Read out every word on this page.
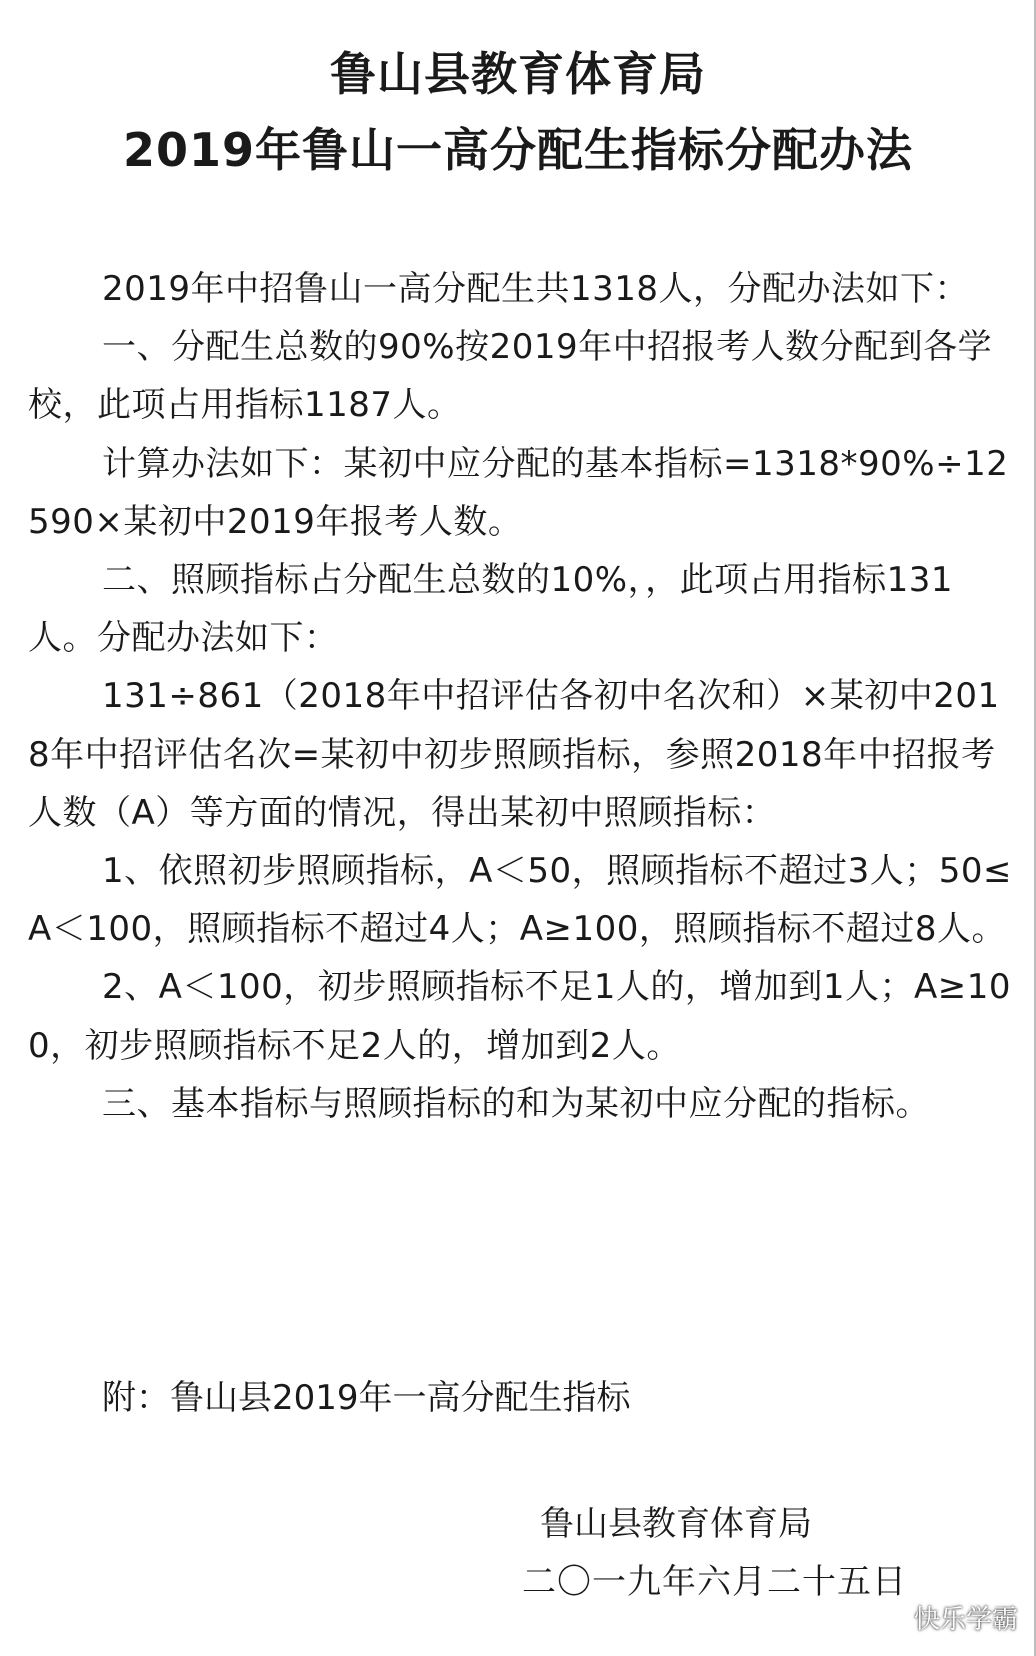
鲁山县教育体育局
2019年鲁山一高分配生指标分配办法

2019年中招鲁山一高分配生共1318人，分配办法如下：

一、分配生总数的90%按2019年中招报考人数分配到各学校，此项占用指标1187人。

计算办法如下：某初中应分配的基本指标=1318*90%÷12590×某初中2019年报考人数。

二、照顾指标占分配生总数的10%，，此项占用指标131人。分配办法如下：

131÷861（2018年中招评估各初中名次和）×某初中2018年中招评估名次=某初中初步照顾指标，参照2018年中招报考人数（A）等方面的情况，得出某初中照顾指标：

1、依照初步照顾指标，A＜50，照顾指标不超过3人；50≤A＜100，照顾指标不超过4人；A≥100，照顾指标不超过8人。

2、A＜100，初步照顾指标不足1人的，增加到1人；A≥100，初步照顾指标不足2人的，增加到2人。

三、基本指标与照顾指标的和为某初中应分配的指标。

附：鲁山县2019年一高分配生指标
鲁山县教育体育局
二〇一九年六月二十五日
快乐学霸
